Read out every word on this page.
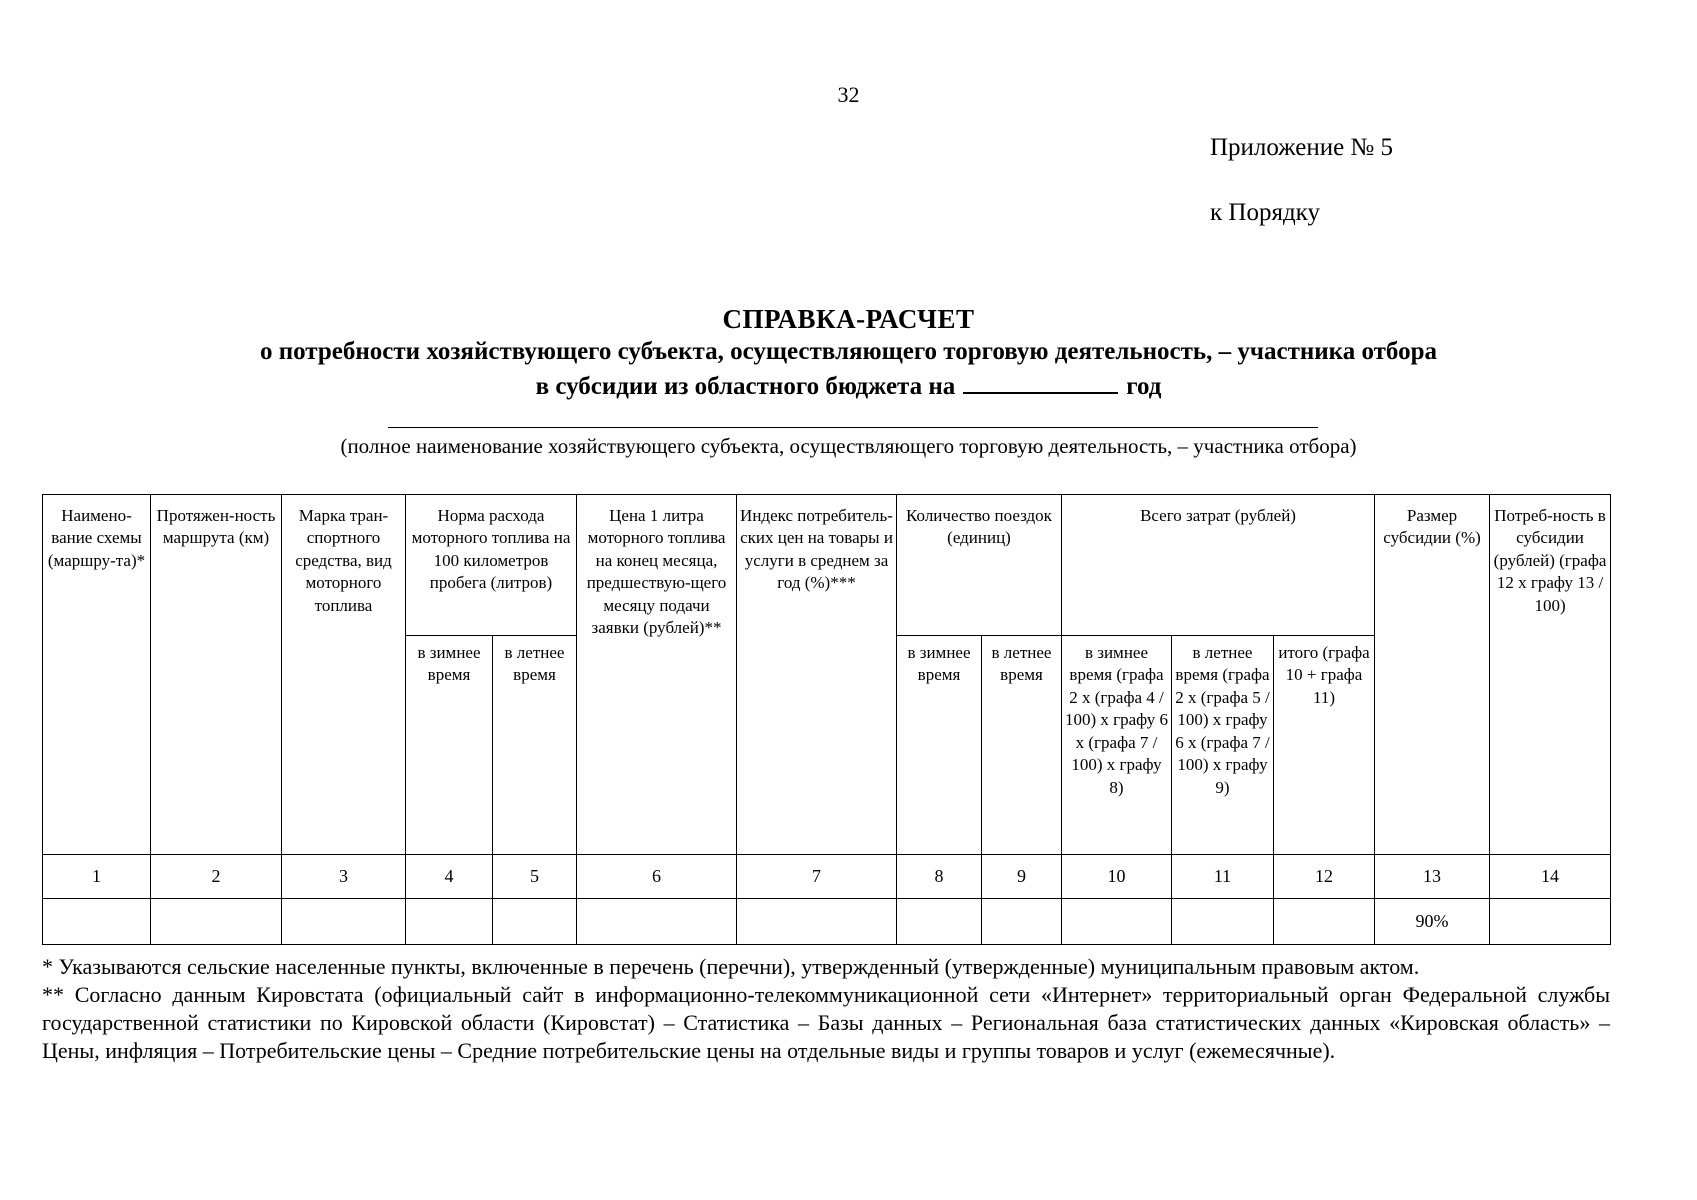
32
Приложение № 5
к Порядку
СПРАВКА-РАСЧЕТ
о потребности хозяйствующего субъекта, осуществляющего торговую деятельность, – участника отбора
в субсидии из областного бюджета на	год
(полное наименование хозяйствующего субъекта, осуществляющего торговую деятельность, – участника отбора)
Наимено-вание схемы (маршру-та)*	Протяжен-ность маршрута (км)	Марка тран-спортного средства, вид моторного топлива	Норма расхода моторного топлива на 100 километров пробега (литров)		Цена 1 литра моторного топлива на конец месяца, предшествую-щего месяцу подачи заявки (рублей)**	Индекс потребитель-ских цен на товары и услуги в среднем за год (%)***	Количество поездок (единиц)		Всего затрат (рублей)			Размер субсидии (%)	Потреб-ность в субсидии (рублей) (графа 12 х графу 13 / 100)
			в зимнее время	в летнее время			в зимнее время	в летнее время	в зимнее время (графа 2 х (графа 4 / 100) х графу 6 х (графа 7 / 100) х графу 8)	в летнее время (графа 2 х (графа 5 / 100) х графу 6 х (графа 7 / 100) х графу 9)	итого (графа 10 + графа 11)		
1	2	3	4	5	6	7	8	9	10	11	12	13	14
												90%	

* Указываются сельские населенные пункты, включенные в перечень (перечни), утвержденный (утвержденные) муниципальным правовым актом.

** Согласно данным Кировстата (официальный сайт в информационно-телекоммуникационной сети «Интернет» территориальный орган Федеральной службы государственной статистики по Кировской области (Кировстат) – Статистика – Базы данных – Региональная база статистических данных «Кировская область» – Цены, инфляция – Потребительские цены – Средние потребительские цены на отдельные виды и группы товаров и услуг (ежемесячные).
